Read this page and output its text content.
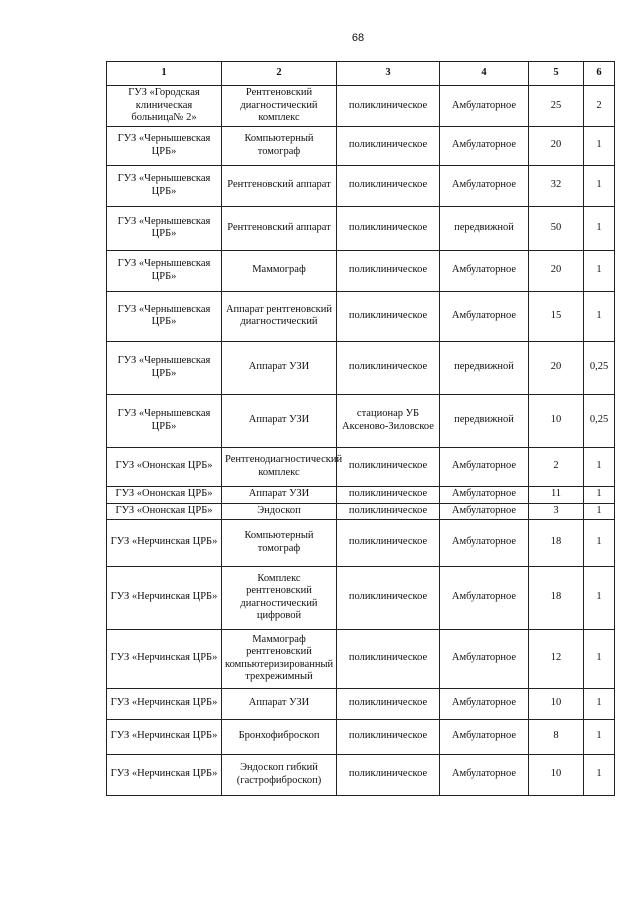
68
1	2	3	4	5	6
ГУЗ «Городская клиническая больница№ 2»	Рентгеновский диагностический комплекс	поликлиническое	Амбулаторное	25	2
ГУЗ «Чернышевская ЦРБ»	Компьютерный томограф	поликлиническое	Амбулаторное	20	1
ГУЗ «Чернышевская ЦРБ»	Рентгеновский аппарат	поликлиническое	Амбулаторное	32	1
ГУЗ «Чернышевская ЦРБ»	Рентгеновский аппарат	поликлиническое	передвижной	50	1
ГУЗ «Чернышевская ЦРБ»	Маммограф	поликлиническое	Амбулаторное	20	1
ГУЗ «Чернышевская ЦРБ»	Аппарат рентгеновский диагностический	поликлиническое	Амбулаторное	15	1
ГУЗ «Чернышевская ЦРБ»	Аппарат УЗИ	поликлиническое	передвижной	20	0,25
ГУЗ «Чернышевская ЦРБ»	Аппарат УЗИ	стационар УБ Аксеново-Зиловское	передвижной	10	0,25
ГУЗ «Ононская ЦРБ»	Рентгенодиагностический комплекс	поликлиническое	Амбулаторное	2	1
ГУЗ «Ононская ЦРБ»	Аппарат УЗИ	поликлиническое	Амбулаторное	11	1
ГУЗ «Ононская ЦРБ»	Эндоскоп	поликлиническое	Амбулаторное	3	1
ГУЗ «Нерчинская ЦРБ»	Компьютерный томограф	поликлиническое	Амбулаторное	18	1
ГУЗ «Нерчинская ЦРБ»	Комплекс рентгеновский диагностический цифровой	поликлиническое	Амбулаторное	18	1
ГУЗ «Нерчинская ЦРБ»	Маммограф рентгеновский компьютеризированный трехрежимный	поликлиническое	Амбулаторное	12	1
ГУЗ «Нерчинская ЦРБ»	Аппарат УЗИ	поликлиническое	Амбулаторное	10	1
ГУЗ «Нерчинская ЦРБ»	Бронхофиброскоп	поликлиническое	Амбулаторное	8	1
ГУЗ «Нерчинская ЦРБ»	Эндоскоп гибкий (гастрофиброскоп)	поликлиническое	Амбулаторное	10	1
